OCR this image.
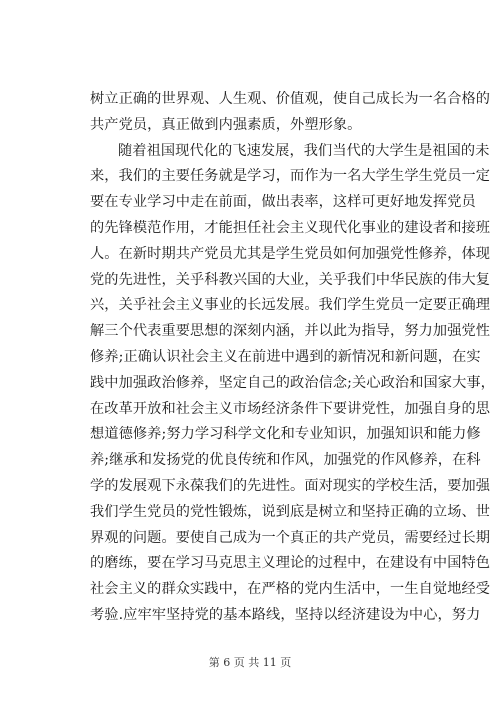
树立正确的世界观、人生观、价值观，使自己成长为一名合格的
共产党员，真正做到内强素质，外塑形象。
随着祖国现代化的飞速发展，我们当代的大学生是祖国的未
来，我们的主要任务就是学习，而作为一名大学生学生党员一定
要在专业学习中走在前面，做出表率，这样可更好地发挥党员
的先锋模范作用，才能担任社会主义现代化事业的建设者和接班
人。在新时期共产党员尤其是学生党员如何加强党性修养，体现
党的先进性，关乎科教兴国的大业，关乎我们中华民族的伟大复
兴，关乎社会主义事业的长远发展。我们学生党员一定要正确理
解三个代表重要思想的深刻内涵，并以此为指导，努力加强党性
修养;正确认识社会主义在前进中遇到的新情况和新问题，在实
践中加强政治修养，坚定自己的政治信念;关心政治和国家大事，
在改革开放和社会主义市场经济条件下要讲党性，加强自身的思
想道德修养;努力学习科学文化和专业知识，加强知识和能力修
养;继承和发扬党的优良传统和作风，加强党的作风修养，在科
学的发展观下永葆我们的先进性。面对现实的学校生活，要加强
我们学生党员的党性锻炼，说到底是树立和坚持正确的立场、世
界观的问题。要使自己成为一个真正的共产党员，需要经过长期
的磨练，要在学习马克思主义理论的过程中，在建设有中国特色
社会主义的群众实践中，在严格的党内生活中，一生自觉地经受
考验.应牢牢坚持党的基本路线，坚持以经济建设为中心，努力
第 6 页 共 11 页
